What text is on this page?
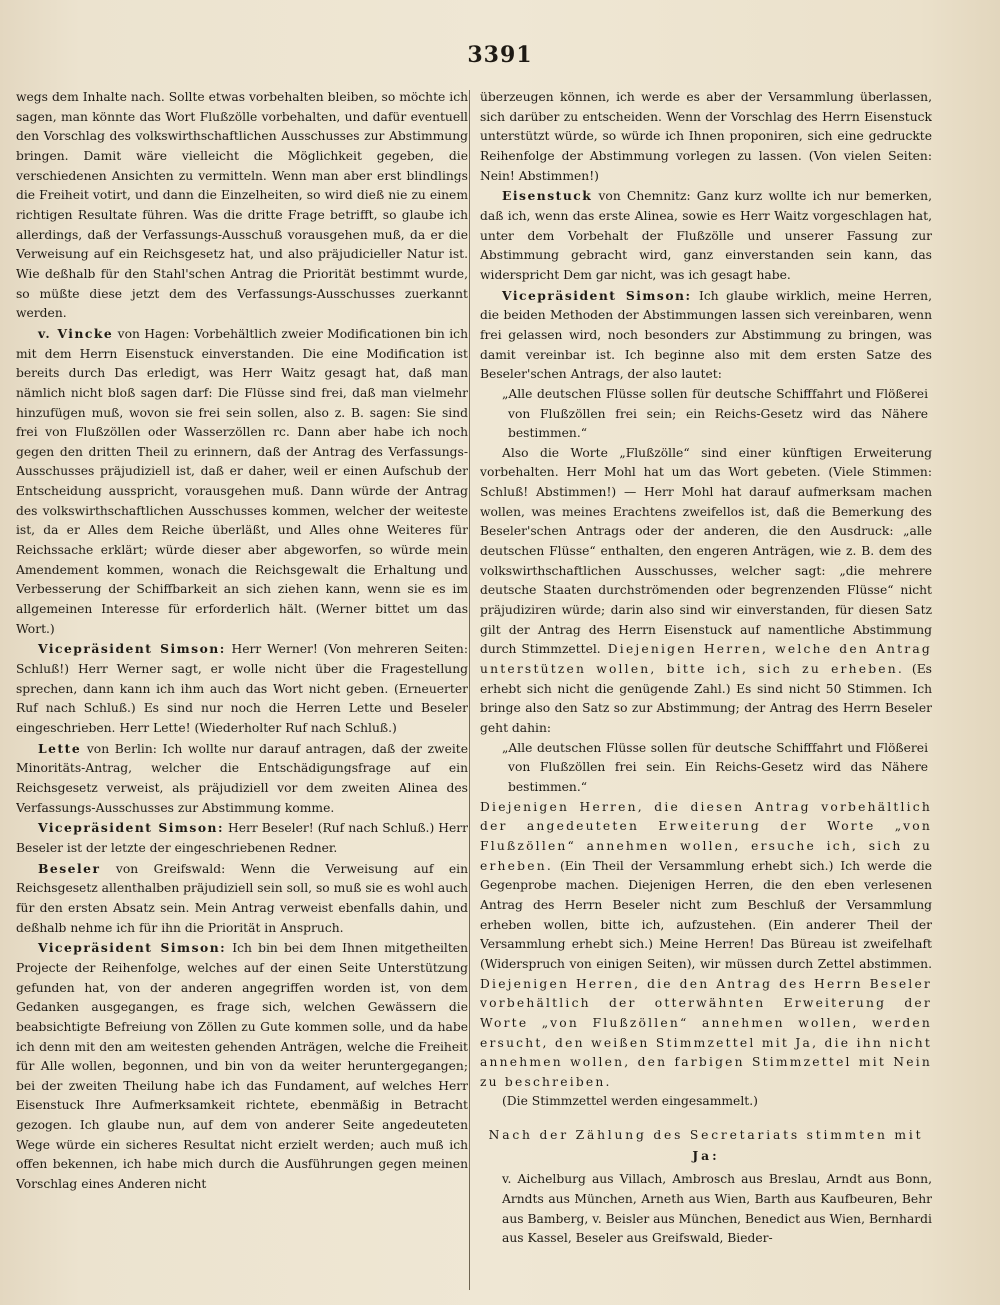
3391

wegs dem Inhalte nach. Sollte etwas vorbehalten bleiben, so möchte ich sagen, man könnte das Wort Flußzölle vorbehalten, und dafür eventuell den Vorschlag des volkswirthschaftlichen Ausschusses zur Abstimmung bringen. Damit wäre vielleicht die Möglichkeit gegeben, die verschiedenen Ansichten zu vermitteln. Wenn man aber erst blindlings die Freiheit votirt, und dann die Einzelheiten, so wird dieß nie zu einem richtigen Resultate führen. Was die dritte Frage betrifft, so glaube ich allerdings, daß der Verfassungs-Ausschuß vorausgehen muß, da er die Verweisung auf ein Reichsgesetz hat, und also präjudicieller Natur ist. Wie deßhalb für den Stahl'schen Antrag die Priorität bestimmt wurde, so müßte diese jetzt dem des Verfassungs-Ausschusses zuerkannt werden.

v. Vincke von Hagen: Vorbehältlich zweier Modificationen bin ich mit dem Herrn Eisenstuck einverstanden. Die eine Modification ist bereits durch Das erledigt, was Herr Waitz gesagt hat, daß man nämlich nicht bloß sagen darf: Die Flüsse sind frei, daß man vielmehr hinzufügen muß, wovon sie frei sein sollen, also z. B. sagen: Sie sind frei von Flußzöllen oder Wasserzöllen rc. Dann aber habe ich noch gegen den dritten Theil zu erinnern, daß der Antrag des Verfassungs-Ausschusses präjudiziell ist, daß er daher, weil er einen Aufschub der Entscheidung ausspricht, vorausgehen muß. Dann würde der Antrag des volkswirthschaftlichen Ausschusses kommen, welcher der weiteste ist, da er Alles dem Reiche überläßt, und Alles ohne Weiteres für Reichssache erklärt; würde dieser aber abgeworfen, so würde mein Amendement kommen, wonach die Reichsgewalt die Erhaltung und Verbesserung der Schiffbarkeit an sich ziehen kann, wenn sie es im allgemeinen Interesse für erforderlich hält. (Werner bittet um das Wort.)

Vicepräsident Simson: Herr Werner! (Von mehreren Seiten: Schluß!) Herr Werner sagt, er wolle nicht über die Fragestellung sprechen, dann kann ich ihm auch das Wort nicht geben. (Erneuerter Ruf nach Schluß.) Es sind nur noch die Herren Lette und Beseler eingeschrieben. Herr Lette! (Wiederholter Ruf nach Schluß.)

Lette von Berlin: Ich wollte nur darauf antragen, daß der zweite Minoritäts-Antrag, welcher die Entschädigungsfrage auf ein Reichsgesetz verweist, als präjudiziell vor dem zweiten Alinea des Verfassungs-Ausschusses zur Abstimmung komme.

Vicepräsident Simson: Herr Beseler! (Ruf nach Schluß.) Herr Beseler ist der letzte der eingeschriebenen Redner.

Beseler von Greifswald: Wenn die Verweisung auf ein Reichsgesetz allenthalben präjudiziell sein soll, so muß sie es wohl auch für den ersten Absatz sein. Mein Antrag verweist ebenfalls dahin, und deßhalb nehme ich für ihn die Priorität in Anspruch.

Vicepräsident Simson: Ich bin bei dem Ihnen mitgetheilten Projecte der Reihenfolge, welches auf der einen Seite Unterstützung gefunden hat, von der anderen angegriffen worden ist, von dem Gedanken ausgegangen, es frage sich, welchen Gewässern die beabsichtigte Befreiung von Zöllen zu Gute kommen solle, und da habe ich denn mit den am weitesten gehenden Anträgen, welche die Freiheit für Alle wollen, begonnen, und bin von da weiter heruntergegangen; bei der zweiten Theilung habe ich das Fundament, auf welches Herr Eisenstuck Ihre Aufmerksamkeit richtete, ebenmäßig in Betracht gezogen. Ich glaube nun, auf dem von anderer Seite angedeuteten Wege würde ein sicheres Resultat nicht erzielt werden; auch muß ich offen bekennen, ich habe mich durch die Ausführungen gegen meinen Vorschlag eines Anderen nicht

überzeugen können, ich werde es aber der Versammlung überlassen, sich darüber zu entscheiden. Wenn der Vorschlag des Herrn Eisenstuck unterstützt würde, so würde ich Ihnen proponiren, sich eine gedruckte Reihenfolge der Abstimmung vorlegen zu lassen. (Von vielen Seiten: Nein! Abstimmen!)

Eisenstuck von Chemnitz: Ganz kurz wollte ich nur bemerken, daß ich, wenn das erste Alinea, sowie es Herr Waitz vorgeschlagen hat, unter dem Vorbehalt der Flußzölle und unserer Fassung zur Abstimmung gebracht wird, ganz einverstanden sein kann, das widerspricht Dem gar nicht, was ich gesagt habe.

Vicepräsident Simson: Ich glaube wirklich, meine Herren, die beiden Methoden der Abstimmungen lassen sich vereinbaren, wenn frei gelassen wird, noch besonders zur Abstimmung zu bringen, was damit vereinbar ist. Ich beginne also mit dem ersten Satze des Beseler'schen Antrags, der also lautet:

„Alle deutschen Flüsse sollen für deutsche Schifffahrt und Flößerei von Flußzöllen frei sein; ein Reichs-Gesetz wird das Nähere bestimmen.“

Also die Worte „Flußzölle“ sind einer künftigen Erweiterung vorbehalten. Herr Mohl hat um das Wort gebeten. (Viele Stimmen: Schluß! Abstimmen!) — Herr Mohl hat darauf aufmerksam machen wollen, was meines Erachtens zweifellos ist, daß die Bemerkung des Beseler'schen Antrags oder der anderen, die den Ausdruck: „alle deutschen Flüsse“ enthalten, den engeren Anträgen, wie z. B. dem des volkswirthschaftlichen Ausschusses, welcher sagt: „die mehrere deutsche Staaten durchströmenden oder begrenzenden Flüsse“ nicht präjudiziren würde; darin also sind wir einverstanden, für diesen Satz gilt der Antrag des Herrn Eisenstuck auf namentliche Abstimmung durch Stimmzettel. Diejenigen Herren, welche den Antrag unterstützen wollen, bitte ich, sich zu erheben. (Es erhebt sich nicht die genügende Zahl.) Es sind nicht 50 Stimmen. Ich bringe also den Satz so zur Abstimmung; der Antrag des Herrn Beseler geht dahin:

„Alle deutschen Flüsse sollen für deutsche Schifffahrt und Flößerei von Flußzöllen frei sein. Ein Reichs-Gesetz wird das Nähere bestimmen.“

Diejenigen Herren, die diesen Antrag vorbehältlich der angedeuteten Erweiterung der Worte „von Flußzöllen“ annehmen wollen, ersuche ich, sich zu erheben. (Ein Theil der Versammlung erhebt sich.) Ich werde die Gegenprobe machen. Diejenigen Herren, die den eben verlesenen Antrag des Herrn Beseler nicht zum Beschluß der Versammlung erheben wollen, bitte ich, aufzustehen. (Ein anderer Theil der Versammlung erhebt sich.) Meine Herren! Das Büreau ist zweifelhaft (Widerspruch von einigen Seiten), wir müssen durch Zettel abstimmen. Diejenigen Herren, die den Antrag des Herrn Beseler vorbehältlich der otterwähnten Erweiterung der Worte „von Flußzöllen“ annehmen wollen, werden ersucht, den weißen Stimmzettel mit Ja, die ihn nicht annehmen wollen, den farbigen Stimmzettel mit Nein zu beschreiben.

(Die Stimmzettel werden eingesammelt.)

Nach der Zählung des Secretariats stimmten mit Ja:

v. Aichelburg aus Villach, Ambrosch aus Breslau, Arndt aus Bonn, Arndts aus München, Arneth aus Wien, Barth aus Kaufbeuren, Behr aus Bamberg, v. Beisler aus München, Benedict aus Wien, Bernhardi aus Kassel, Beseler aus Greifswald, Bieder-
